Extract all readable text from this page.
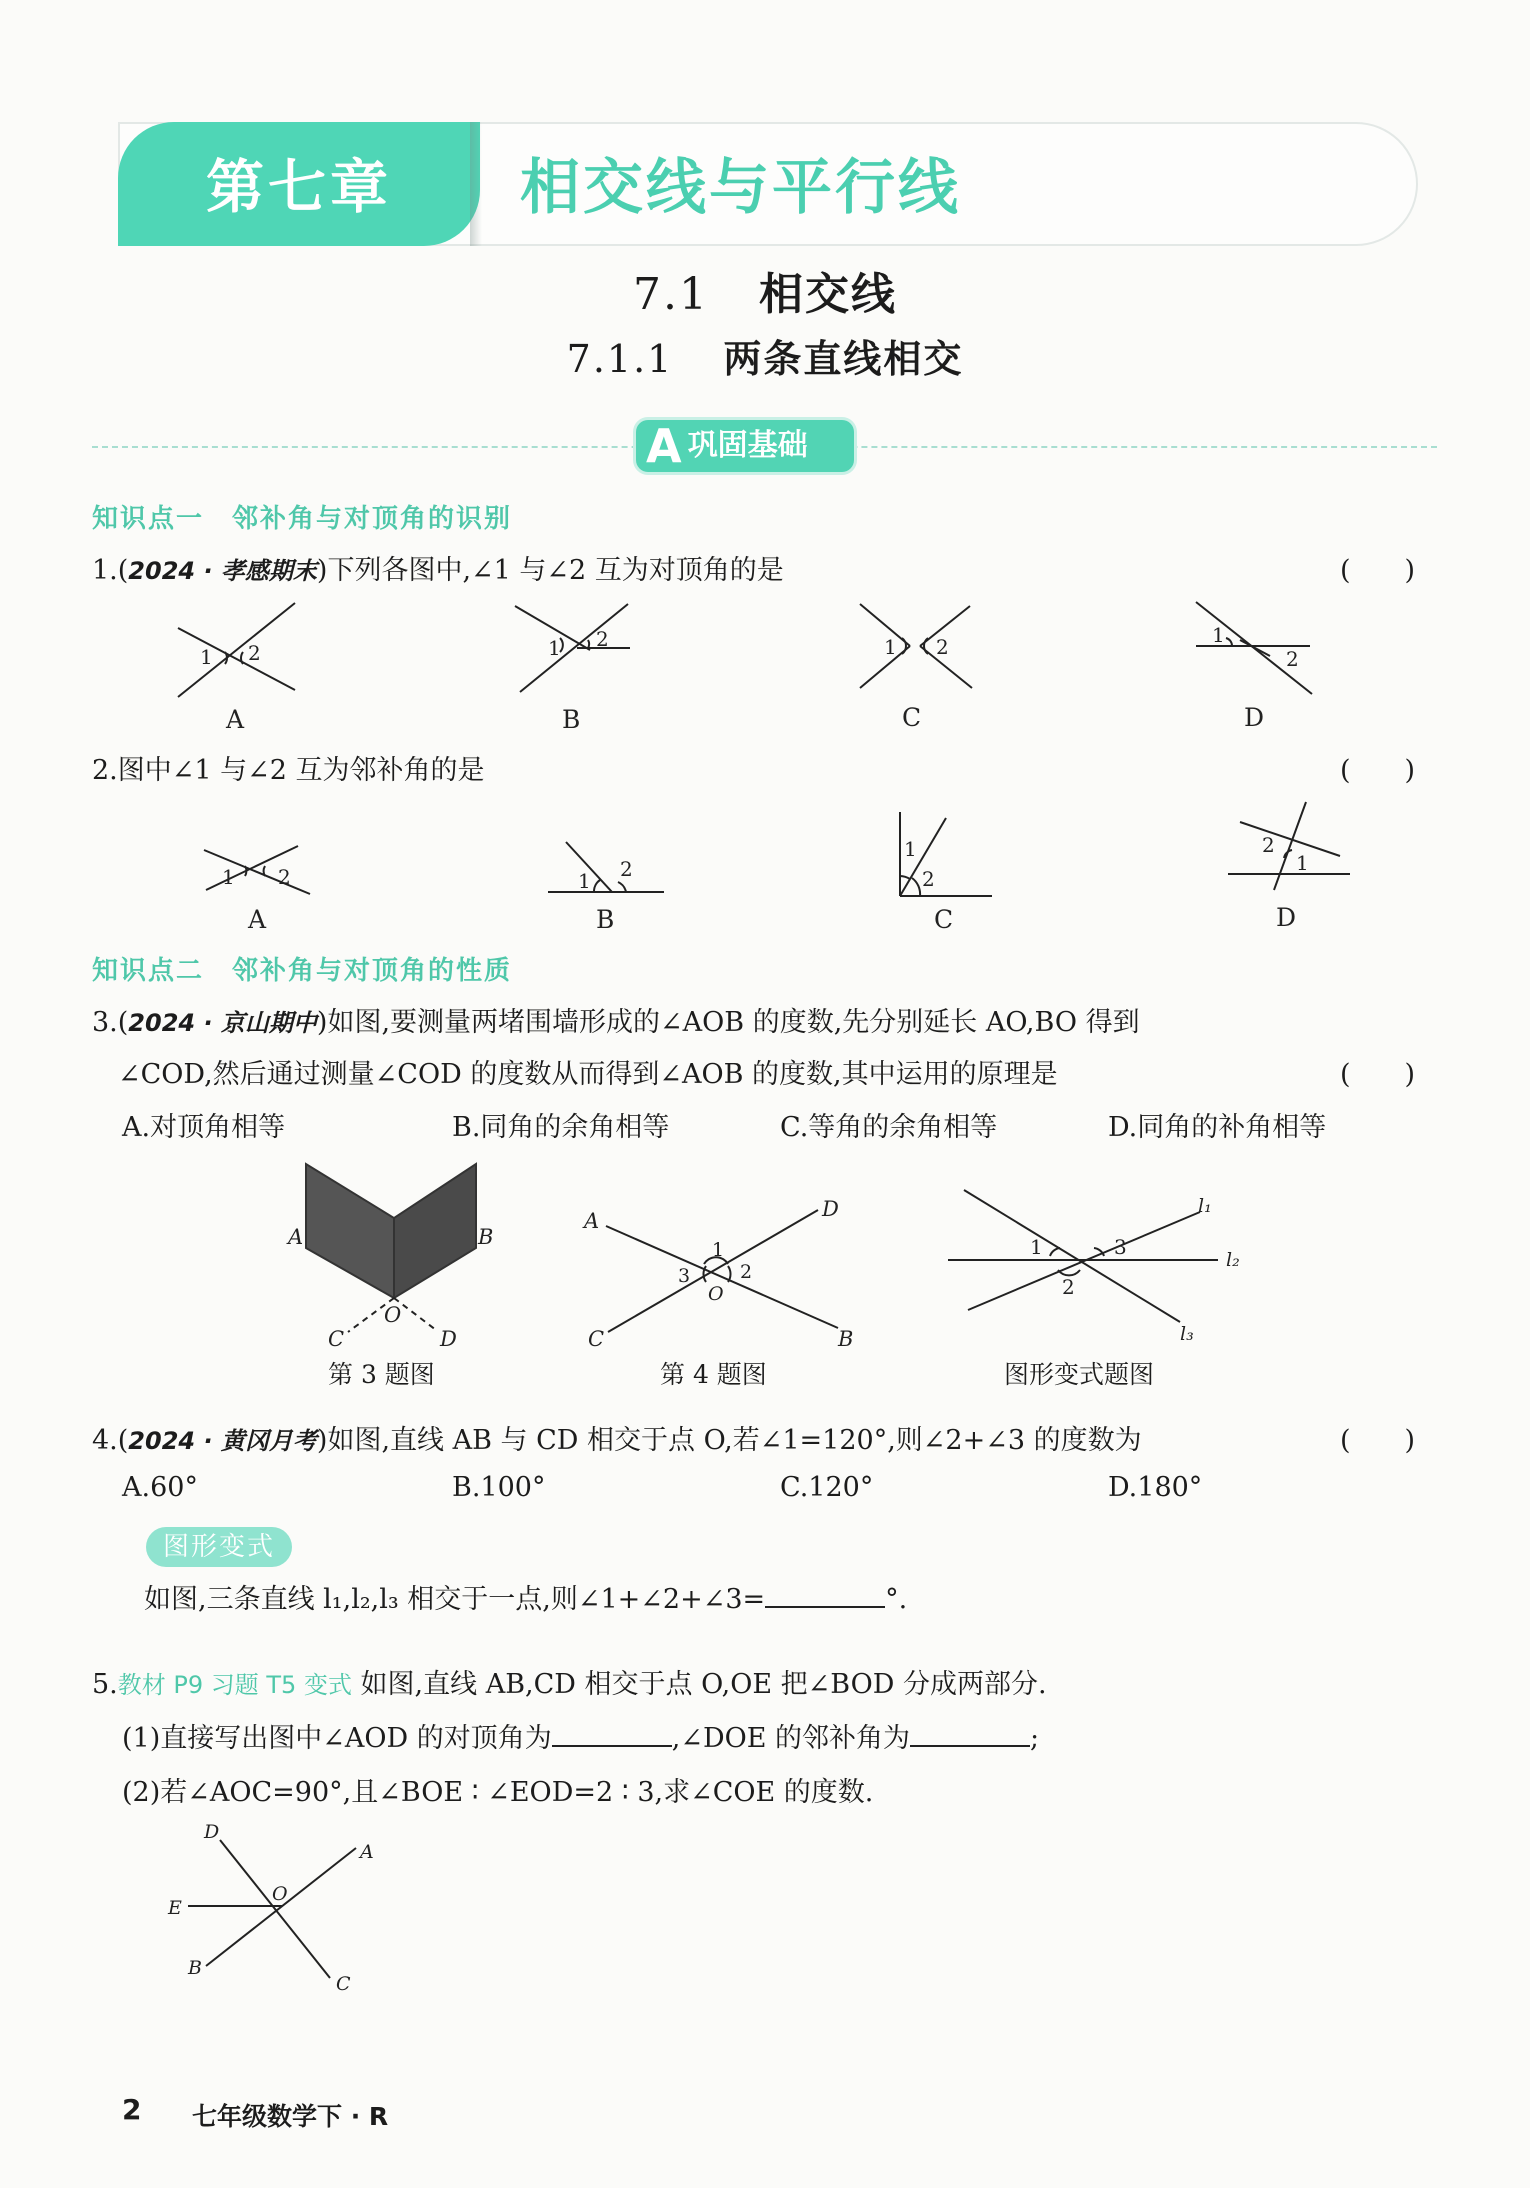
第七章	相交线与平行线
7.1 相交线
7.1.1 两条直线相交
A巩固基础
知识点一　邻补角与对顶角的识别
1.(2024 · 孝感期末)下列各图中,∠1 与∠2 互为对顶角的是	(　　)
2.图中∠1 与∠2 互为邻补角的是	(　　)
知识点二　邻补角与对顶角的性质
3.(2024 · 京山期中)如图,要测量两堵围墙形成的∠AOB 的度数,先分别延长 AO,BO 得到
∠COD,然后通过测量∠COD 的度数从而得到∠AOB 的度数,其中运用的原理是	(　　)
A.对顶角相等	B.同角的余角相等	C.等角的余角相等	D.同角的补角相等
第 3 题图	第 4 题图	图形变式题图
4.(2024 · 黄冈月考)如图,直线 AB 与 CD 相交于点 O,若∠1=120°,则∠2+∠3 的度数为	(　　)
A.60°	B.100°	C.120°	D.180°
图形变式
如图,三条直线 l₁,l₂,l₃ 相交于一点,则∠1+∠2+∠3=	°.
5.教材 P9 习题 T5 变式 如图,直线 AB,CD 相交于点 O,OE 把∠BOD 分成两部分.
(1)直接写出图中∠AOD 的对顶角为	,∠DOE 的邻补角为	;
(2)若∠AOC=90°,且∠BOE ∶ ∠EOD=2 ∶ 3,求∠COE 的度数.
2 七年级数学下 · R
1 2
A
1 2
B
1 2
C
1
2
D
1 2
A
1 2
B
1
2
C
2
1
D
A	B
O
C	D
A	D
C	B
1
3	2
O
1	3
2
l₁
l₂
l₃
D
A
E
O
B
C
